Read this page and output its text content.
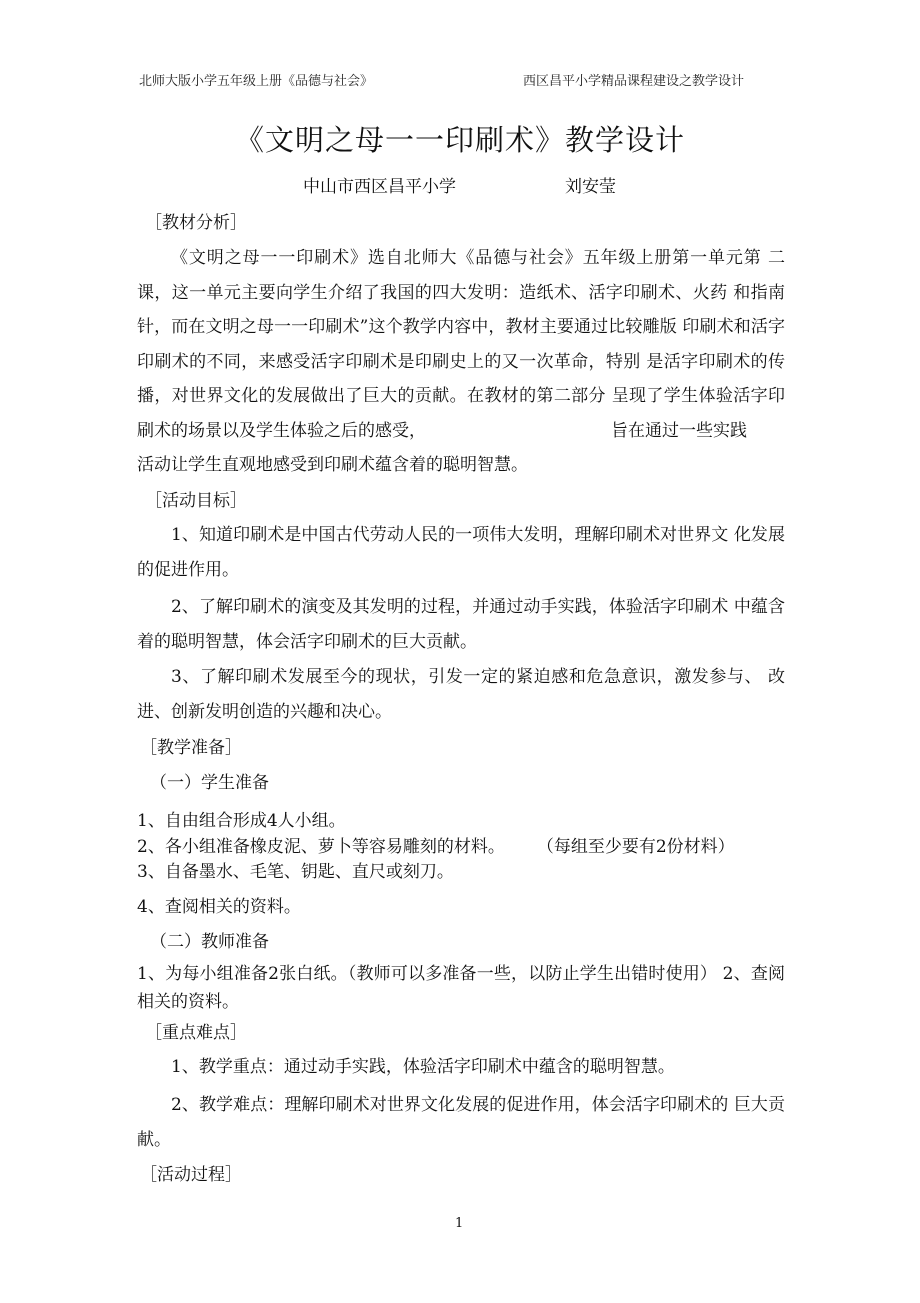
北师大版小学五年级上册《品德与社会》	西区昌平小学精品课程建设之教学设计
《文明之母一一印刷术》教学设计
中山市西区昌平小学	刘安莹
［教材分析］
《文明之母一一印刷术》选自北师大《品德与社会》五年级上册第一单元第 二课，这一单元主要向学生介绍了我国的四大发明：造纸术、活字印刷术、火药 和指南针，而在文明之母一一印刷术”这个教学内容中，教材主要通过比较雕版 印刷术和活字印刷术的不同，来感受活字印刷术是印刷史上的又一次革命，特别 是活字印刷术的传播，对世界文化的发展做出了巨大的贡献。在教材的第二部分 呈现了学生体验活字印刷术的场景以及学生体验之后的感受，	旨在通过一些实践
活动让学生直观地感受到印刷术蕴含着的聪明智慧。
［活动目标］
1、知道印刷术是中国古代劳动人民的一项伟大发明，理解印刷术对世界文 化发展的促进作用。
2、了解印刷术的演变及其发明的过程，并通过动手实践，体验活字印刷术 中蕴含着的聪明智慧，体会活字印刷术的巨大贡献。
3、了解印刷术发展至今的现状，引发一定的紧迫感和危急意识，激发参与、 改进、创新发明创造的兴趣和决心。
［教学准备］
（一）学生准备
1、自由组合形成4人小组。
2、各小组准备橡皮泥、萝卜等容易雕刻的材料。 （每组至少要有2份材料）
3、自备墨水、毛笔、钥匙、直尺或刻刀。
4、查阅相关的资料。
（二）教师准备
1、为每小组准备2张白纸。（教师可以多准备一些，以防止学生出错时使用） 2、查阅相关的资料。
［重点难点］
1、教学重点：通过动手实践，体验活字印刷术中蕴含的聪明智慧。
2、教学难点：理解印刷术对世界文化发展的促进作用，体会活字印刷术的 巨大贡献。
［活动过程］
1
